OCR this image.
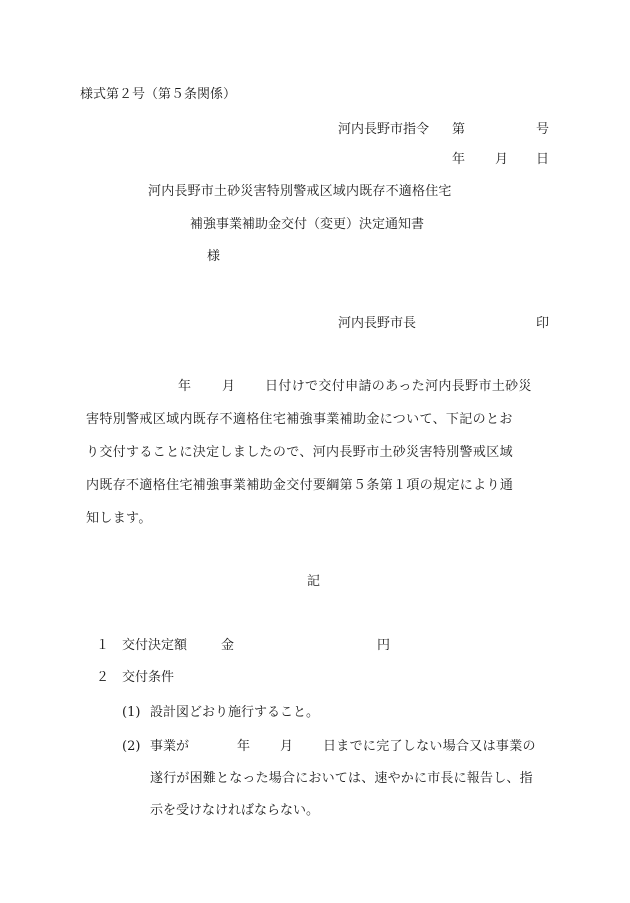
様式第２号（第５条関係）
河内長野市指令 第	号
年 月 日
河内長野市土砂災害特別警戒区域内既存不適格住宅
補強事業補助金交付（変更）決定通知書
様
河内長野市長	印
年 月 日付けで交付申請のあった河内長野市土砂災
害特別警戒区域内既存不適格住宅補強事業補助金について、下記のとお
り交付することに決定しましたので、河内長野市土砂災害特別警戒区域
内既存不適格住宅補強事業補助金交付要綱第５条第１項の規定により通
知します。
記
１ 交付決定額	金	円
２ 交付条件
(1) 設計図どおり施行すること。
(2) 事業が	年 月 日までに完了しない場合又は事業の
遂行が困難となった場合においては、速やかに市長に報告し、指
示を受けなければならない。
